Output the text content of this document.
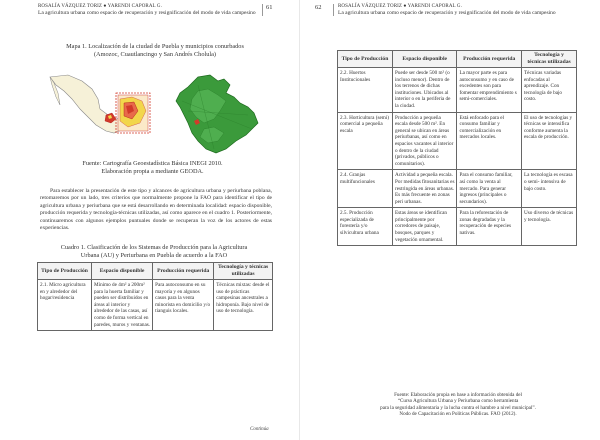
ROSALÍA VÁZQUEZ TORIZ ● YARENDI CAPORAL G.
La agricultura urbana como espacio de recuperación y resignificación del modo de vida campesino
61
Mapa 1. Localización de la ciudad de Puebla y municipios conurbados
(Amozoc, Cuautlancingo y San Andrés Cholula)
Fuente: Cartografía Geoestadística Básica INEGI 2010.
Elaboración propia a mediante GEODA.

Para establecer la presentación de este tipo y alcances de agricultura urbana y periurbana poblana, retomaremos por un lado, tres criterios que normalmente propone la FAO para identificar el tipo de agricultura urbana y periurbana que se está desarrollando en determinada localidad: espacio disponible, producción requerida y tecnología-técnicas utilizadas, así como aparece en el cuadro 1. Posteriormente, continuaremos con algunos ejemplos puntuales donde se recuperan la voz de los actores de estas experiencias.

Cuadro 1. Clasificación de los Sistemas de Producción para la Agricultura
Urbana (AU) y Periurbana en Puebla de acuerdo a la FAO
Tipo de Producción	Espacio disponible	Producción requerida	Tecnología y técnicas utilizadas
2.1. Micro agricultura en y alrededor del hogar/residencia	Mínimo de 4m² a 200m² para la huerta familiar y pueden ser distribuidos en áreas al interior y alrededor de las casas, así como de forma vertical en paredes, muros y ventanas.	Para autoconsumo en su mayoría y en algunos casos para la venta minorista en domicilio y/o tianguis locales.	Técnicas mixtas: desde el uso de prácticas campesinas ancestrales a hidroponía. Bajo nivel de uso de tecnología.
Continúa
62	ROSALÍA VÁZQUEZ TORIZ ● YARENDI CAPORAL G.
La agricultura urbana como espacio de recuperación y resignificación del modo de vida campesino
Tipo de Producción	Espacio disponible	Producción requerida	Tecnología y técnicas utilizadas
2.2. Huertos Institucionales	Puede ser desde 500 m² (o incluso menor). Dentro de los terrenos de dichas instituciones. Ubicados al interior o en la periferia de la ciudad.	La mayor parte es para autoconsumo y en caso de excedentes son para fomentar emprendimiento s semi-comerciales.	Técnicas variadas enfocadas al aprendizaje. Con tecnología de bajo costo.
2.3. Horticultura (semi) comercial a pequeña escala	Producción a pequeña escala desde 500 m². En general se ubican en áreas periurbanas, así como en espacios vacantes al interior o dentro de la ciudad (privados, públicos o comunitarios).	Está enfocado para el consumo familiar y comercialización en mercados locales.	El uso de tecnologías y técnicas se intensifica conforme aumenta la escala de producción.
2.4. Granjas multifuncionales	Actividad a pequeña escala. Por medidas fitosanitarias es restringida en áreas urbanas. Es más frecuente en zonas peri urbanas.	Para el consumo familiar, así como la venta al mercado. Para generar ingresos (principales o secundarios).	La tecnología es escasa o semi- intensiva de bajo costo.
2.5. Producción especializada de forestería y/o silvicultura urbana	Estas áreas se identifican principalmente por corredores de paisaje, bosques, parques y vegetación ornamental.	Para la reforestación de zonas degradadas y la recuperación de especies nativas.	Uso diverso de técnicas y tecnología.
Fuente: Elaboración propia en base a información obtenida del
“Curso Agricultura Urbana y Periurbana como herramienta
para la seguridad alimentaria y la lucha contra el hambre a nivel municipal”.
Nodo de Capacitación en Políticas Públicas. FAO (2012).
